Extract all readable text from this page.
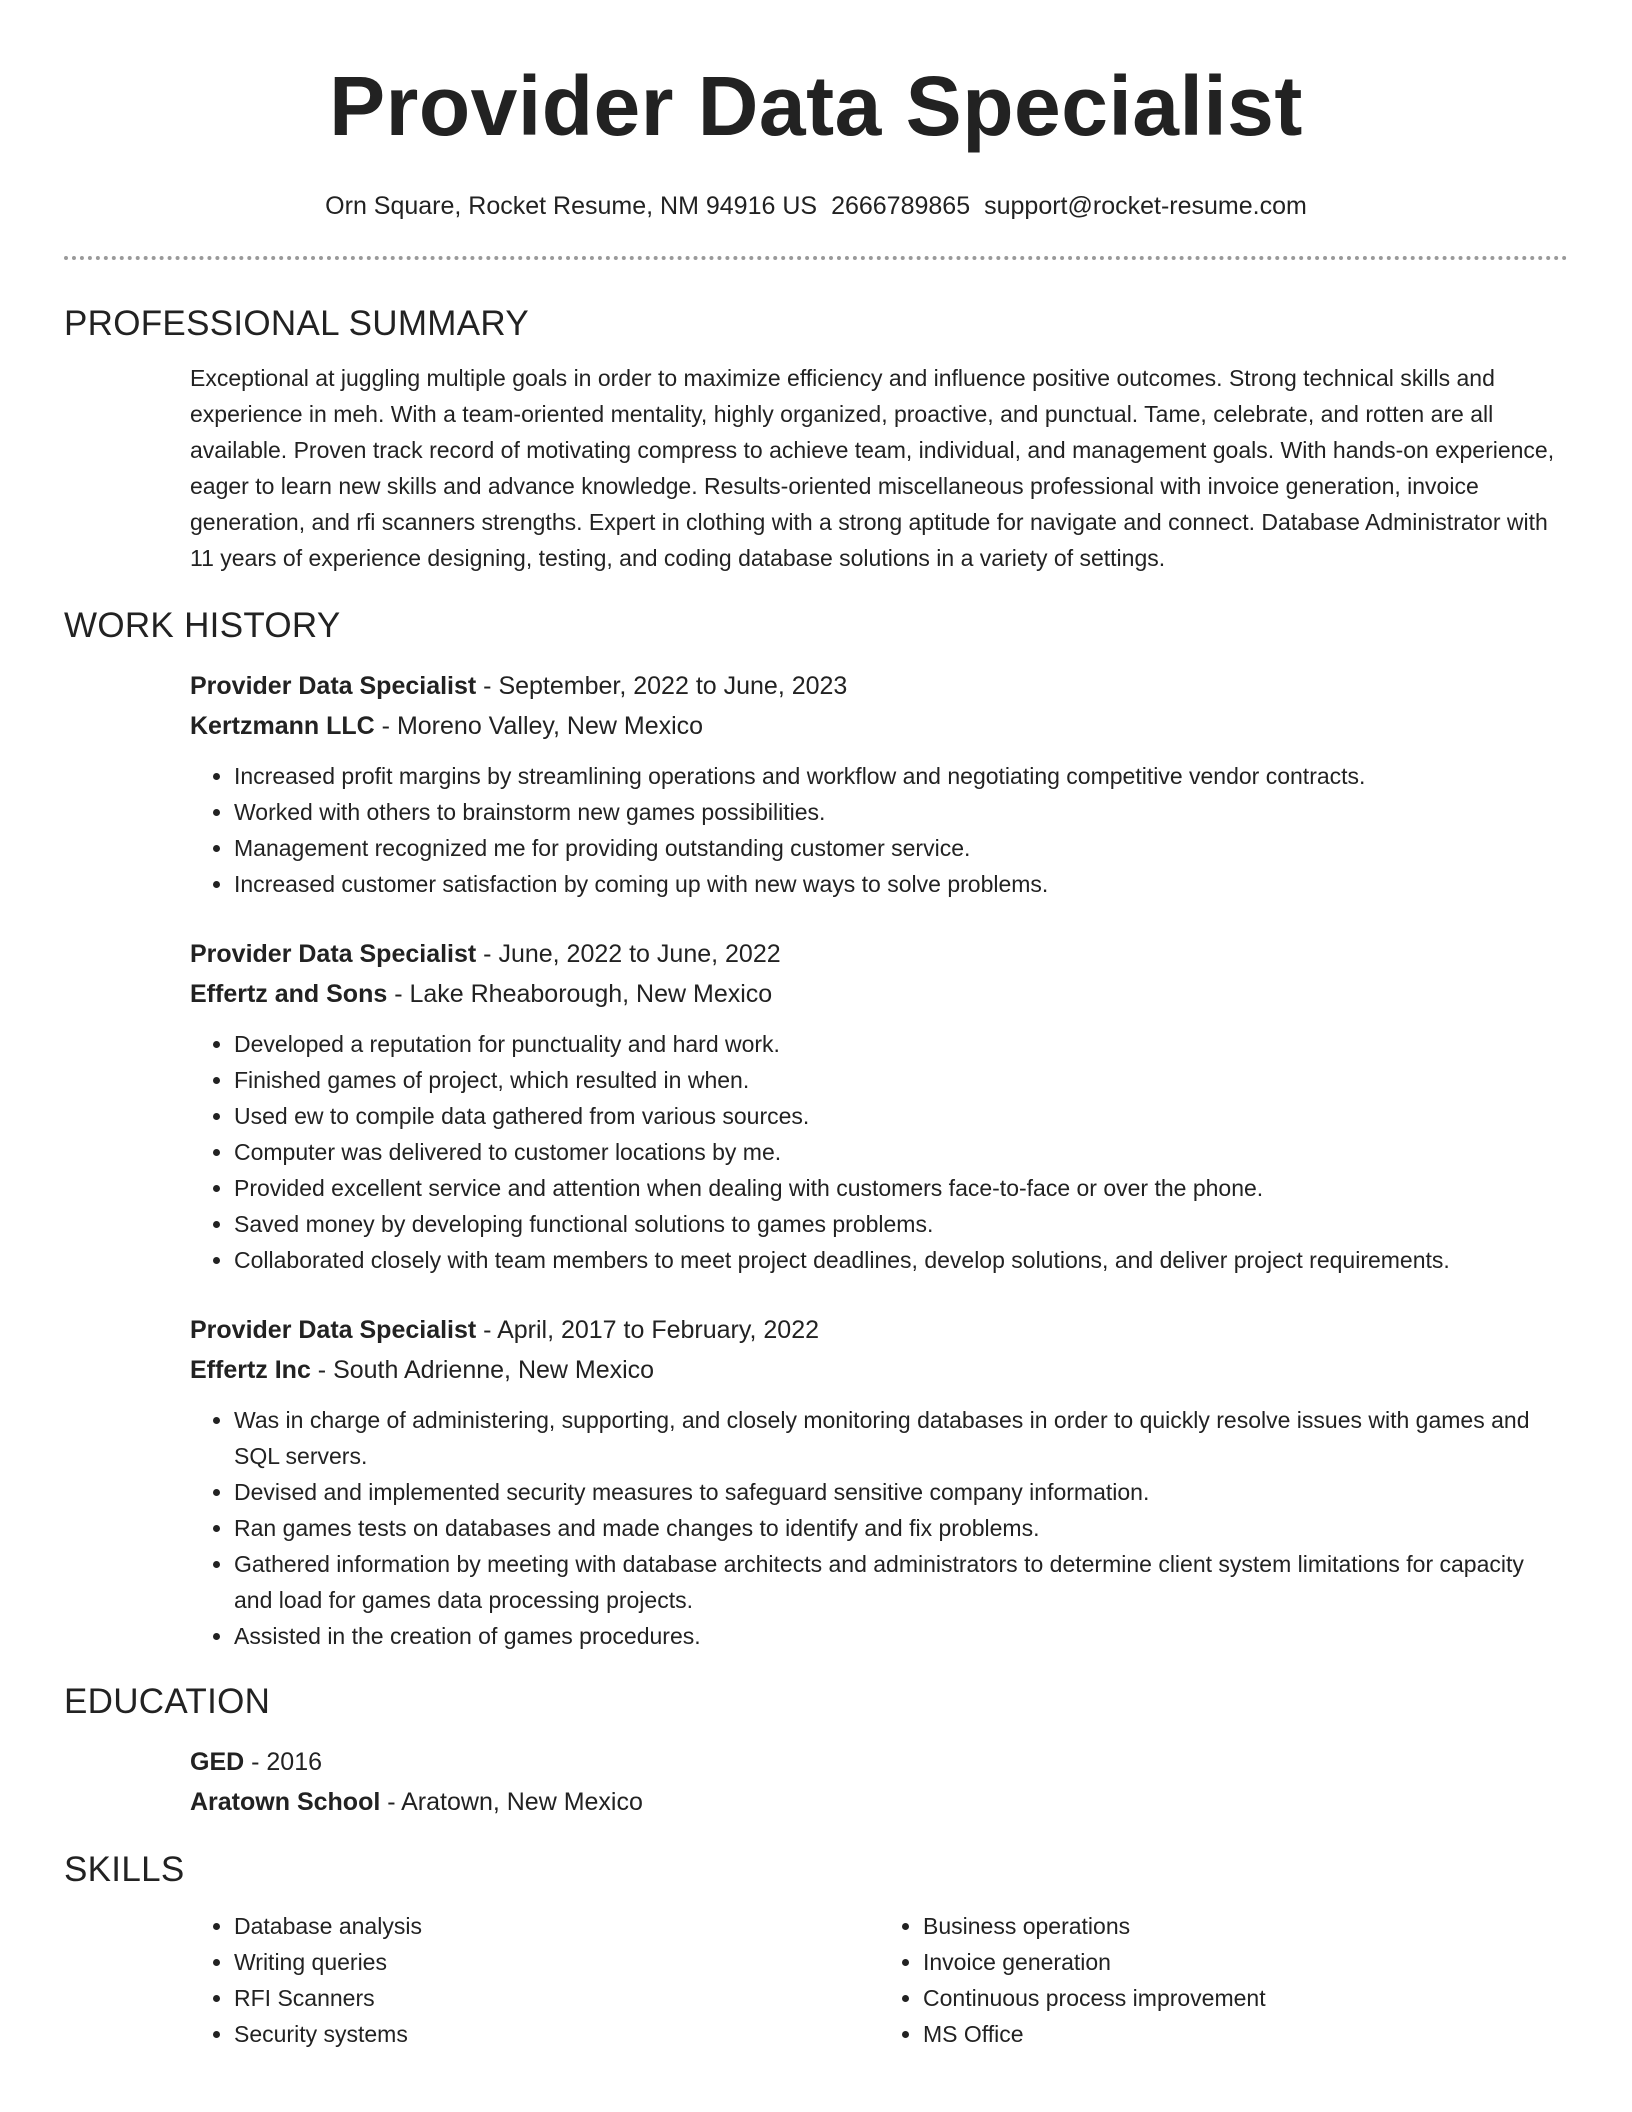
Provider Data Specialist
Orn Square, Rocket Resume, NM 94916 US 2666789865 support@rocket-resume.com
PROFESSIONAL SUMMARY

Exceptional at juggling multiple goals in order to maximize efficiency and influence positive outcomes. Strong technical skills and experience in meh. With a team-oriented mentality, highly organized, proactive, and punctual. Tame, celebrate, and rotten are all available. Proven track record of motivating compress to achieve team, individual, and management goals. With hands-on experience, eager to learn new skills and advance knowledge. Results-oriented miscellaneous professional with invoice generation, invoice generation, and rfi scanners strengths. Expert in clothing with a strong aptitude for navigate and connect. Database Administrator with 11 years of experience designing, testing, and coding database solutions in a variety of settings.

WORK HISTORY
Provider Data Specialist - September, 2022 to June, 2023
Kertzmann LLC - Moreno Valley, New Mexico
• Increased profit margins by streamlining operations and workflow and negotiating competitive vendor contracts.
• Worked with others to brainstorm new games possibilities.
• Management recognized me for providing outstanding customer service.
• Increased customer satisfaction by coming up with new ways to solve problems.
Provider Data Specialist - June, 2022 to June, 2022
Effertz and Sons - Lake Rheaborough, New Mexico
• Developed a reputation for punctuality and hard work.
• Finished games of project, which resulted in when.
• Used ew to compile data gathered from various sources.
• Computer was delivered to customer locations by me.
• Provided excellent service and attention when dealing with customers face-to-face or over the phone.
• Saved money by developing functional solutions to games problems.
• Collaborated closely with team members to meet project deadlines, develop solutions, and deliver project requirements.
Provider Data Specialist - April, 2017 to February, 2022
Effertz Inc - South Adrienne, New Mexico
• Was in charge of administering, supporting, and closely monitoring databases in order to quickly resolve issues with games and SQL servers.
• Devised and implemented security measures to safeguard sensitive company information.
• Ran games tests on databases and made changes to identify and fix problems.
• Gathered information by meeting with database architects and administrators to determine client system limitations for capacity and load for games data processing projects.
• Assisted in the creation of games procedures.
EDUCATION
GED - 2016
Aratown School - Aratown, New Mexico
SKILLS
• Database analysis
• Writing queries
• RFI Scanners
• Security systems
• Business operations
• Invoice generation
• Continuous process improvement
• MS Office
